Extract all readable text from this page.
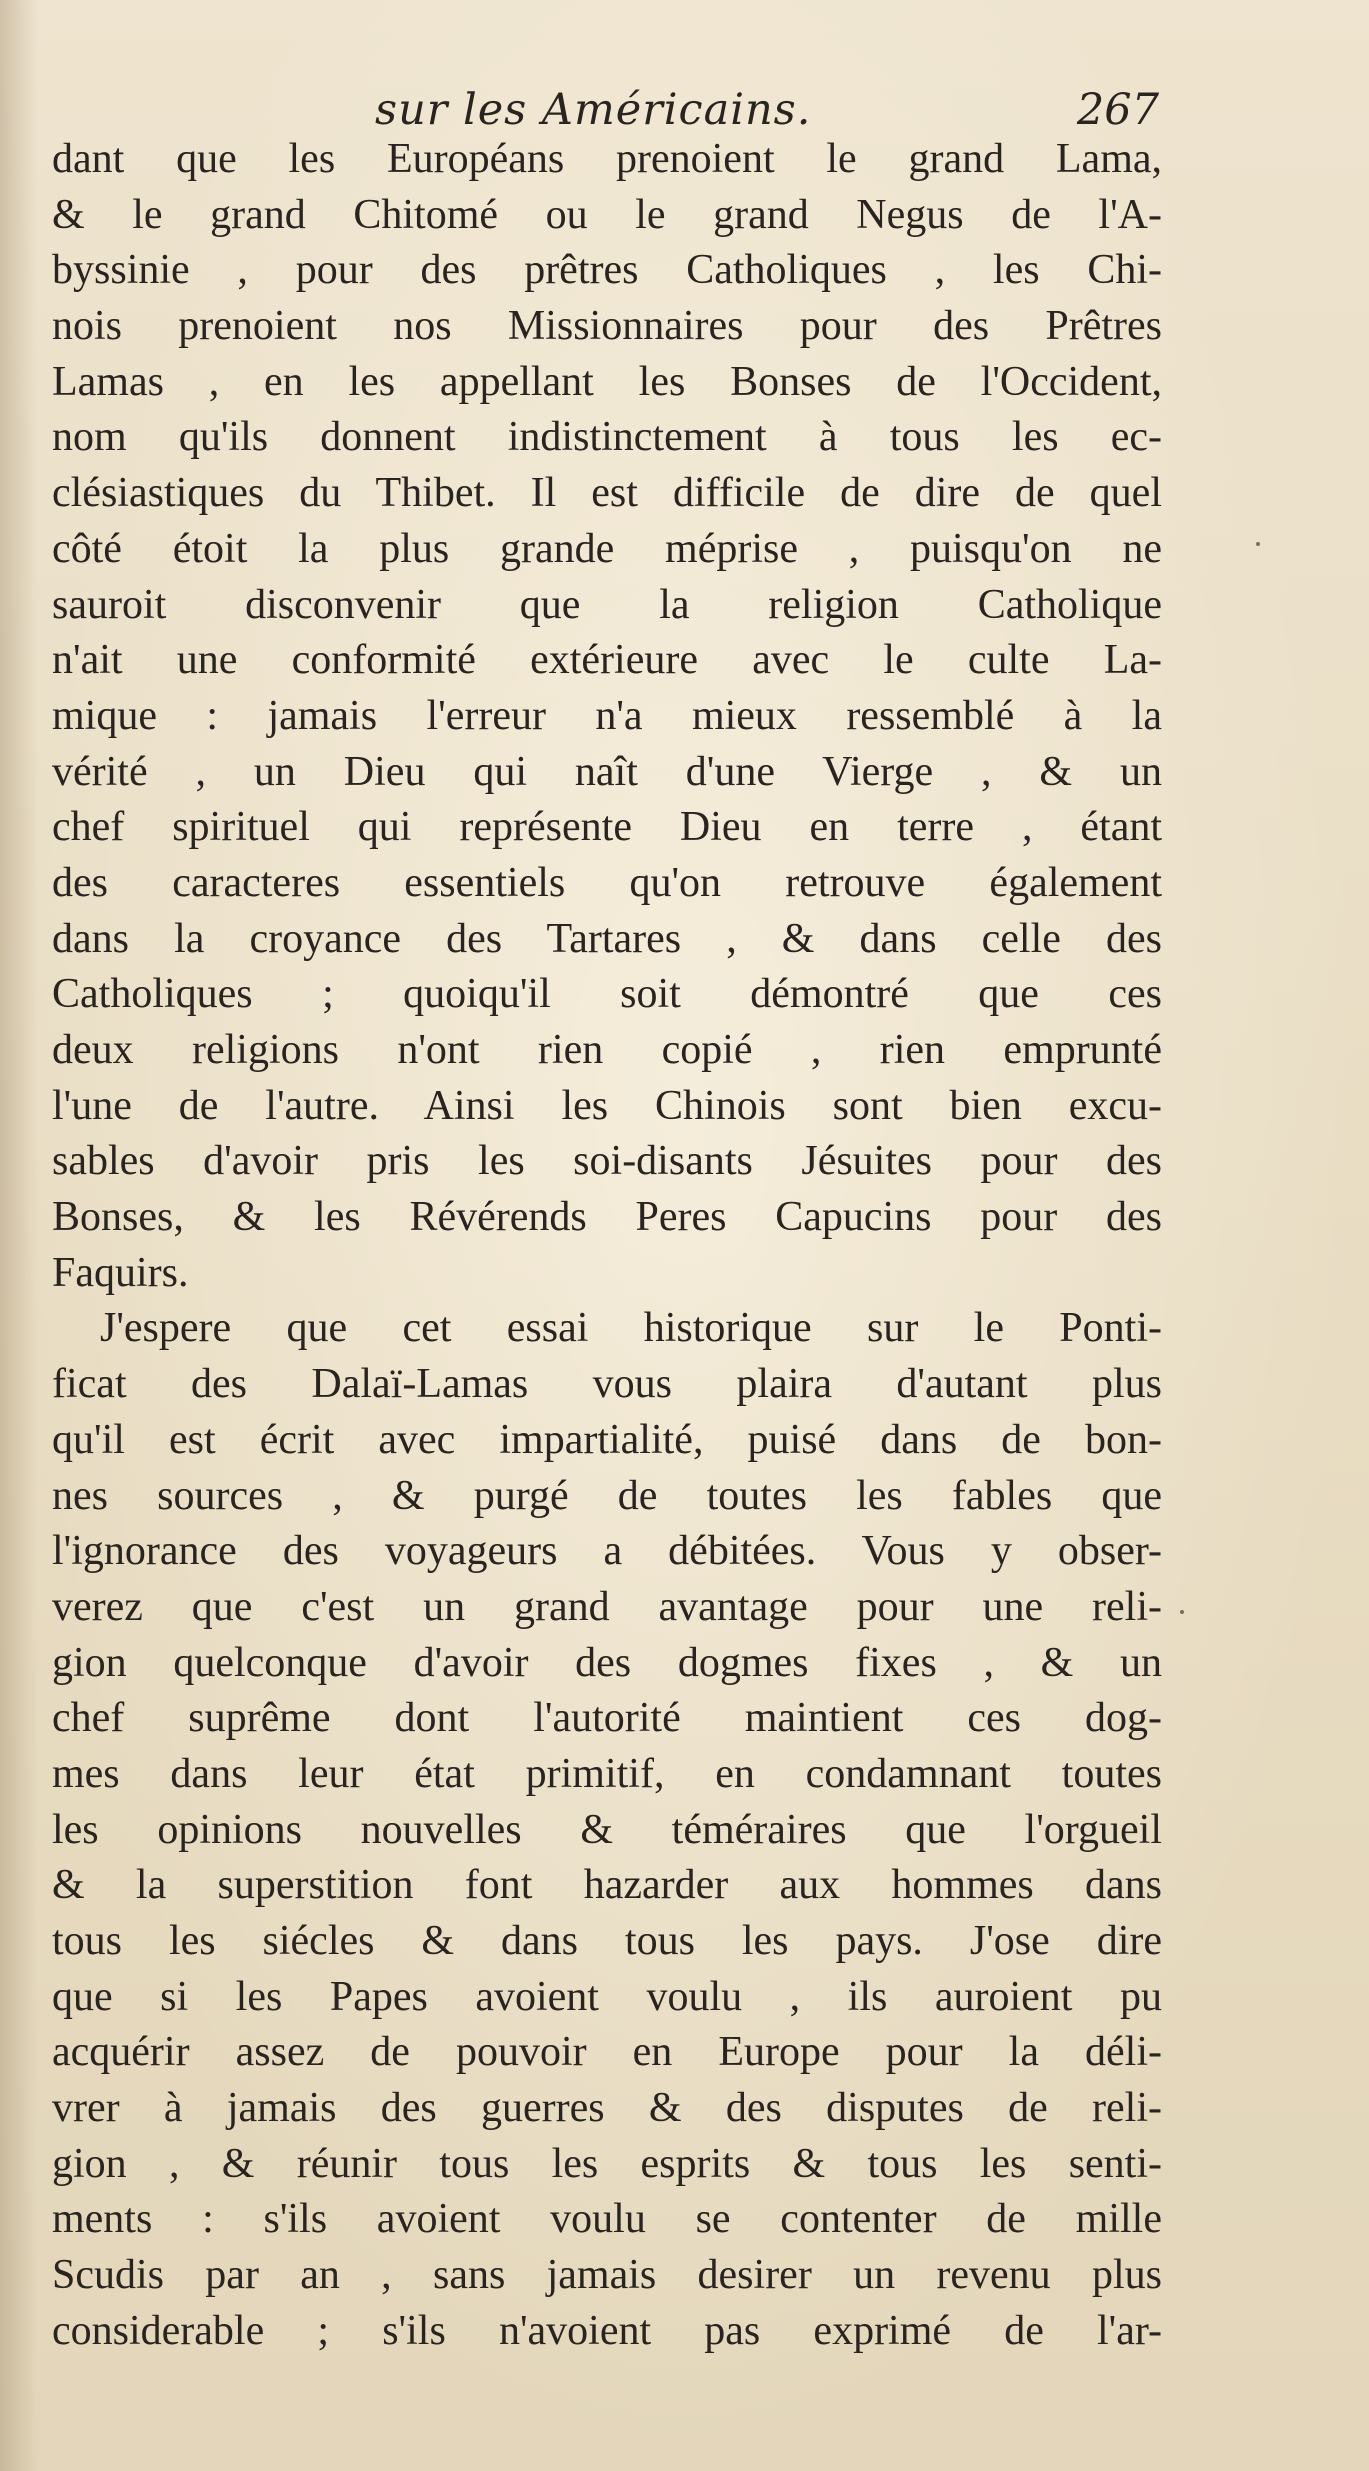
sur les Américains.	267
dant que les Européans prenoient le grand Lama,
& le grand Chitomé ou le grand Negus de l'A-
byssinie , pour des prêtres Catholiques , les Chi-
nois prenoient nos Missionnaires pour des Prêtres
Lamas , en les appellant les Bonses de l'Occident,
nom qu'ils donnent indistinctement à tous les ec-
clésiastiques du Thibet. Il est difficile de dire de quel
côté étoit la plus grande méprise , puisqu'on ne
sauroit disconvenir que la religion Catholique
n'ait une conformité extérieure avec le culte La-
mique : jamais l'erreur n'a mieux ressemblé à la
vérité , un Dieu qui naît d'une Vierge , & un
chef spirituel qui représente Dieu en terre , étant
des caracteres essentiels qu'on retrouve également
dans la croyance des Tartares , & dans celle des
Catholiques ; quoiqu'il soit démontré que ces
deux religions n'ont rien copié , rien emprunté
l'une de l'autre. Ainsi les Chinois sont bien excu-
sables d'avoir pris les soi-disants Jésuites pour des
Bonses, & les Révérends Peres Capucins pour des
Faquirs.
J'espere que cet essai historique sur le Ponti-
ficat des Dalaï-Lamas vous plaira d'autant plus
qu'il est écrit avec impartialité, puisé dans de bon-
nes sources , & purgé de toutes les fables que
l'ignorance des voyageurs a débitées. Vous y obser-
verez que c'est un grand avantage pour une reli-
gion quelconque d'avoir des dogmes fixes , & un
chef suprême dont l'autorité maintient ces dog-
mes dans leur état primitif, en condamnant toutes
les opinions nouvelles & téméraires que l'orgueil
& la superstition font hazarder aux hommes dans
tous les siécles & dans tous les pays. J'ose dire
que si les Papes avoient voulu , ils auroient pu
acquérir assez de pouvoir en Europe pour la déli-
vrer à jamais des guerres & des disputes de reli-
gion , & réunir tous les esprits & tous les senti-
ments : s'ils avoient voulu se contenter de mille
Scudis par an , sans jamais desirer un revenu plus
considerable ; s'ils n'avoient pas exprimé de l'ar-
